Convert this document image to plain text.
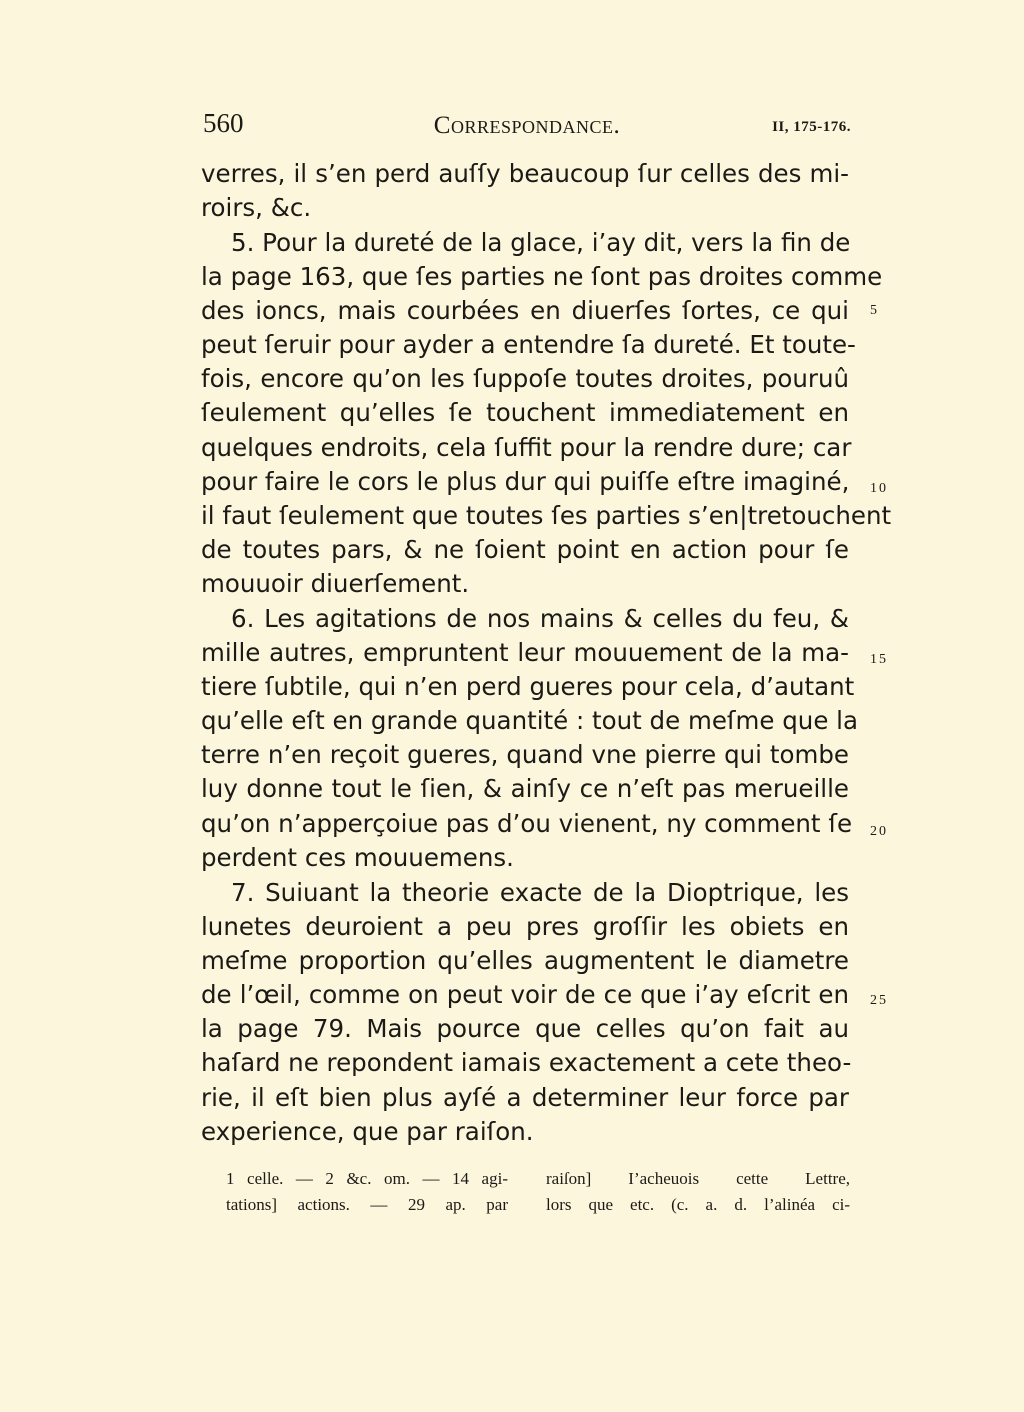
560	Correspondance.	II, 175-176.
verres, il s’en perd auſſy beaucoup ſur celles des mi-
roirs, &c.
5. Pour la dureté de la glace, i’ay dit, vers la fin de
la page 163, que ſes parties ne ſont pas droites comme
des ioncs, mais courbées en diuerſes ſortes, ce qui
peut ſeruir pour ayder a entendre ſa dureté. Et toute-
fois, encore qu’on les ſuppoſe toutes droites, pouruû
ſeulement qu’elles ſe touchent immediatement en
quelques endroits, cela ſuffit pour la rendre dure; car
pour faire le cors le plus dur qui puiſſe eſtre imaginé,
il faut ſeulement que toutes ſes parties s’en|tretouchent
de toutes pars, & ne ſoient point en action pour ſe
mouuoir diuerſement.
6. Les agitations de nos mains & celles du feu, &
mille autres, empruntent leur mouuement de la ma-
tiere ſubtile, qui n’en perd gueres pour cela, d’autant
qu’elle eſt en grande quantité : tout de meſme que la
terre n’en reçoit gueres, quand vne pierre qui tombe
luy donne tout le ſien, & ainſy ce n’eſt pas merueille
qu’on n’apperçoiue pas d’ou vienent, ny comment ſe
perdent ces mouuemens.
7. Suiuant la theorie exacte de la Dioptrique, les
lunetes deuroient a peu pres groſſir les obiets en
meſme proportion qu’elles augmentent le diametre
de l’œil, comme on peut voir de ce que i’ay eſcrit en
la page 79. Mais pource que celles qu’on fait au
haſard ne repondent iamais exactement a cete theo-
rie, il eſt bien plus ayſé a determiner leur force par
experience, que par raiſon.
5
10
15
20
25
1 celle. — 2 &c. om. — 14 agi-
tations] actions. — 29 ap. par
raiſon] I’acheuois cette Lettre,
lors que etc. (c. a. d. l’alinéa ci-
